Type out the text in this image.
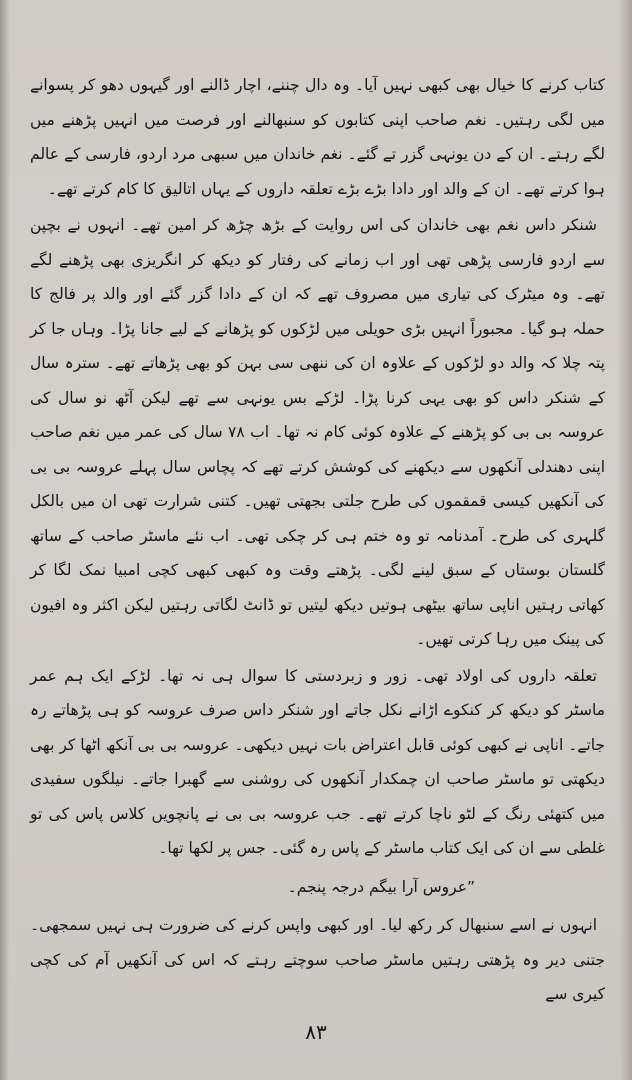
کتاب کرنے کا خیال بھی کبھی نہیں آیا۔ وہ دال چننے، اچار ڈالنے اور گیہوں دھو کر پسوانے میں لگی رہتیں۔ نغم صاحب اپنی کتابوں کو سنبھالنے اور فرصت میں انہیں پڑھنے میں لگے رہتے۔ ان کے دن یونہی گزر تے گئے۔ نغم خاندان میں سبھی مرد اردو، فارسی کے عالم ہوا کرتے تھے۔ ان کے والد اور دادا بڑے بڑے تعلقہ داروں کے یہاں اتالیق کا کام کرتے تھے۔

شنکر داس نغم بھی خاندان کی اس روایت کے بڑھ چڑھ کر امین تھے۔ انہوں نے بچپن سے اردو فارسی پڑھی تھی اور اب زمانے کی رفتار کو دیکھ کر انگریزی بھی پڑھنے لگے تھے۔ وہ میٹرک کی تیاری میں مصروف تھے کہ ان کے دادا گزر گئے اور والد پر فالج کا حملہ ہو گیا۔ مجبوراً انہیں بڑی حویلی میں لڑکوں کو پڑھانے کے لیے جانا پڑا۔ وہاں جا کر پتہ چلا کہ والد دو لڑکوں کے علاوہ ان کی ننھی سی بہن کو بھی پڑھاتے تھے۔ سترہ سال کے شنکر داس کو بھی یہی کرنا پڑا۔ لڑکے بس یونہی سے تھے لیکن آٹھ نو سال کی عروسہ بی بی کو پڑھنے کے علاوہ کوئی کام نہ تھا۔ اب ۷۸ سال کی عمر میں نغم صاحب اپنی دھندلی آنکھوں سے دیکھنے کی کوشش کرتے تھے کہ پچاس سال پہلے عروسہ بی بی کی آنکھیں کیسی قمقموں کی طرح جلتی بجھتی تھیں۔ کتنی شرارت تھی ان میں بالکل گلہری کی طرح۔ آمدنامہ تو وہ ختم ہی کر چکی تھی۔ اب نئے ماسٹر صاحب کے ساتھ گلستان بوستاں کے سبق لینے لگی۔ پڑھتے وقت وہ کبھی کبھی کچی امبیا نمک لگا کر کھاتی رہتیں اناپی ساتھ بیٹھی ہوتیں دیکھ لیتیں تو ڈانٹ لگاتی رہتیں لیکن اکثر وہ افیون کی پینک میں رہا کرتی تھیں۔

تعلقہ داروں کی اولاد تھی۔ زور و زبردستی کا سوال ہی نہ تھا۔ لڑکے ایک ہم عمر ماسٹر کو دیکھ کر کنکوے اڑانے نکل جاتے اور شنکر داس صرف عروسہ کو ہی پڑھاتے رہ جاتے۔ اناپی نے کبھی کوئی قابل اعتراض بات نہیں دیکھی۔ عروسہ بی بی آنکھ اٹھا کر بھی دیکھتی تو ماسٹر صاحب ان چمکدار آنکھوں کی روشنی سے گھبرا جاتے۔ نیلگوں سفیدی میں کتھئی رنگ کے لٹو ناچا کرتے تھے۔ جب عروسہ بی بی نے پانچویں کلاس پاس کی تو غلطی سے ان کی ایک کتاب ماسٹر کے پاس رہ گئی۔ جس پر لکھا تھا۔

”عروس آرا بیگم درجہ پنجم۔

انہوں نے اسے سنبھال کر رکھ لیا۔ اور کبھی واپس کرنے کی ضرورت ہی نہیں سمجھی۔ جتنی دیر وہ پڑھتی رہتیں ماسٹر صاحب سوچتے رہتے کہ اس کی آنکھیں آم کی کچی کیری سے

۸۳
